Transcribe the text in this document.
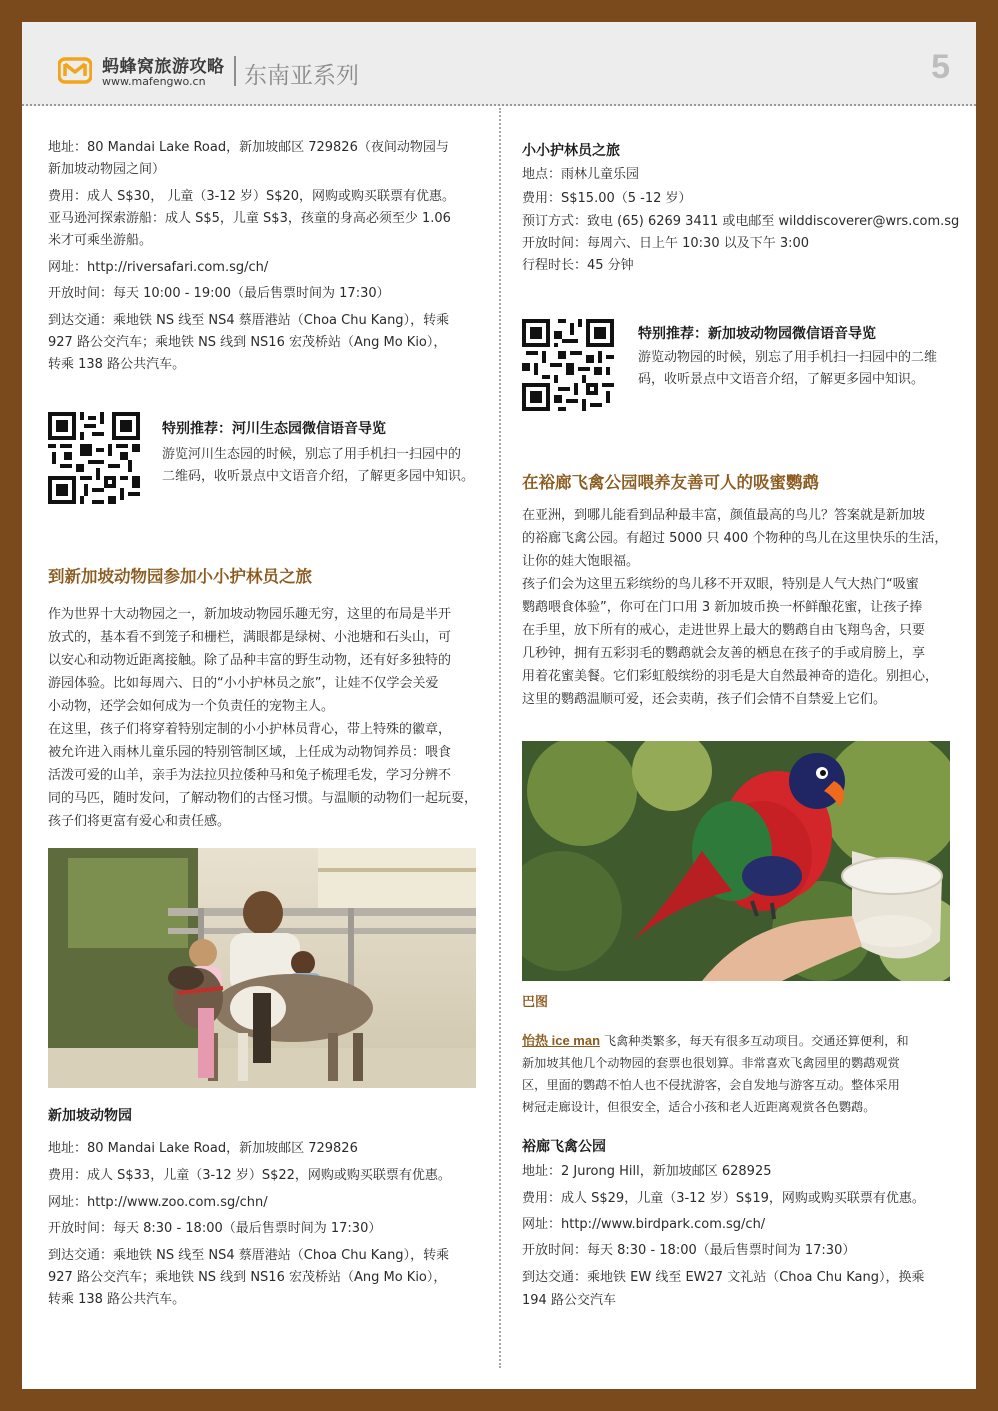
蚂蜂窝旅游攻略
www.mafengwo.cn 东南亚系列	5
地址：80 Mandai Lake Road，新加坡邮区 729826（夜间动物园与
新加坡动物园之间）
费用：成人 S$30， 儿童（3-12 岁）S$20，网购或购买联票有优惠。
亚马逊河探索游船：成人 S$5，儿童 S$3，孩童的身高必须至少 1.06
米才可乘坐游船。
网址：http://riversafari.com.sg/ch/
开放时间：每天 10:00 - 19:00（最后售票时间为 17:30）
到达交通：乘地铁 NS 线至 NS4 蔡厝港站（Choa Chu Kang），转乘
927 路公交汽车；乘地铁 NS 线到 NS16 宏茂桥站（Ang Mo Kio），
转乘 138 路公共汽车。
特别推荐：河川生态园微信语音导览
游览河川生态园的时候，别忘了用手机扫一扫园中的
二维码，收听景点中文语音介绍，了解更多园中知识。
到新加坡动物园参加小小护林员之旅
作为世界十大动物园之一，新加坡动物园乐趣无穷，这里的布局是半开
放式的，基本看不到笼子和栅栏，满眼都是绿树、小池塘和石头山，可
以安心和动物近距离接触。除了品种丰富的野生动物，还有好多独特的
游园体验。比如每周六、日的“小小护林员之旅”，让娃不仅学会关爱
小动物，还学会如何成为一个负责任的宠物主人。
在这里，孩子们将穿着特别定制的小小护林员背心，带上特殊的徽章，
被允许进入雨林儿童乐园的特别管制区域，上任成为动物饲养员：喂食
活泼可爱的山羊，亲手为法拉贝拉倭种马和兔子梳理毛发，学习分辨不
同的马匹，随时发问，了解动物们的古怪习惯。与温顺的动物们一起玩耍，
孩子们将更富有爱心和责任感。
新加坡动物园
地址：80 Mandai Lake Road，新加坡邮区 729826
费用：成人 S$33，儿童（3-12 岁）S$22，网购或购买联票有优惠。
网址：http://www.zoo.com.sg/chn/
开放时间：每天 8:30 - 18:00（最后售票时间为 17:30）
到达交通：乘地铁 NS 线至 NS4 蔡厝港站（Choa Chu Kang），转乘
927 路公交汽车；乘地铁 NS 线到 NS16 宏茂桥站（Ang Mo Kio），
转乘 138 路公共汽车。
小小护林员之旅
地点：雨林儿童乐园
费用：S$15.00（5 -12 岁）
预订方式：致电 (65) 6269 3411 或电邮至 wilddiscoverer@wrs.com.sg
开放时间：每周六、日上午 10:30 以及下午 3:00
行程时长：45 分钟
特别推荐：新加坡动物园微信语音导览
游览动物园的时候，别忘了用手机扫一扫园中的二维
码，收听景点中文语音介绍，了解更多园中知识。
在裕廊飞禽公园喂养友善可人的吸蜜鹦鹉
在亚洲，到哪儿能看到品种最丰富，颜值最高的鸟儿？答案就是新加坡
的裕廊飞禽公园。有超过 5000 只 400 个物种的鸟儿在这里快乐的生活，
让你的娃大饱眼福。
孩子们会为这里五彩缤纷的鸟儿移不开双眼，特别是人气大热门“吸蜜
鹦鹉喂食体验”，你可在门口用 3 新加坡币换一杯鲜酿花蜜，让孩子捧
在手里，放下所有的戒心，走进世界上最大的鹦鹉自由飞翔鸟舍，只要
几秒钟，拥有五彩羽毛的鹦鹉就会友善的栖息在孩子的手或肩膀上，享
用着花蜜美餐。它们彩虹般缤纷的羽毛是大自然最神奇的造化。别担心，
这里的鹦鹉温顺可爱，还会卖萌，孩子们会情不自禁爱上它们。
巴图
怡热 ice man 飞禽种类繁多，每天有很多互动项目。交通还算便利，和
新加坡其他几个动物园的套票也很划算。非常喜欢飞禽园里的鹦鹉观赏
区，里面的鹦鹉不怕人也不侵扰游客，会自发地与游客互动。整体采用
树冠走廊设计，但很安全，适合小孩和老人近距离观赏各色鹦鹉。
裕廊飞禽公园
地址：2 Jurong Hill，新加坡邮区 628925
费用：成人 S$29，儿童（3-12 岁）S$19，网购或购买联票有优惠。
网址：http://www.birdpark.com.sg/ch/
开放时间：每天 8:30 - 18:00（最后售票时间为 17:30）
到达交通：乘地铁 EW 线至 EW27 文礼站（Choa Chu Kang），换乘
194 路公交汽车
